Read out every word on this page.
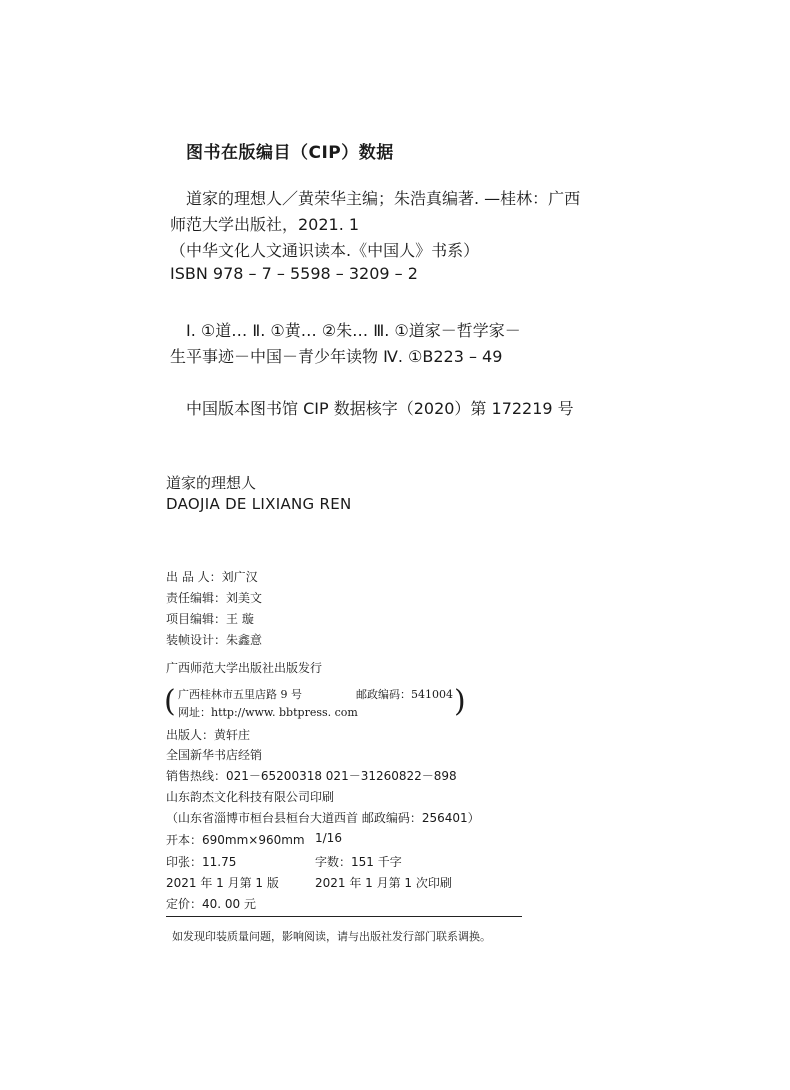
图书在版编目（CIP）数据
道家的理想人／黄荣华主编；朱浩真编著. —桂林：广西
师范大学出版社，2021. 1
（中华文化人文通识读本.《中国人》书系）
ISBN 978 – 7 – 5598 – 3209 – 2
Ⅰ. ①道… Ⅱ. ①黄… ②朱… Ⅲ. ①道家－哲学家－
生平事迹－中国－青少年读物 Ⅳ. ①B223 – 49
中国版本图书馆 CIP 数据核字（2020）第 172219 号
道家的理想人
DAOJIA DE LIXIANG REN
出 品 人：刘广汉
责任编辑：刘美文
项目编辑：王 璇
装帧设计：朱鑫意
广西师范大学出版社出版发行
( 广西桂林市五里店路 9 号	邮政编码：541004
网址：http://www. bbtpress. com	)
出版人：黄轩庄
全国新华书店经销
销售热线：021－65200318 021－31260822－898
山东韵杰文化科技有限公司印刷
（山东省淄博市桓台县桓台大道西首 邮政编码：256401）
开本：690mm×960mm 1/16
印张：11.75	字数：151 千字
2021 年 1 月第 1 版	2021 年 1 月第 1 次印刷
定价：40. 00 元
如发现印装质量问题，影响阅读，请与出版社发行部门联系调换。
